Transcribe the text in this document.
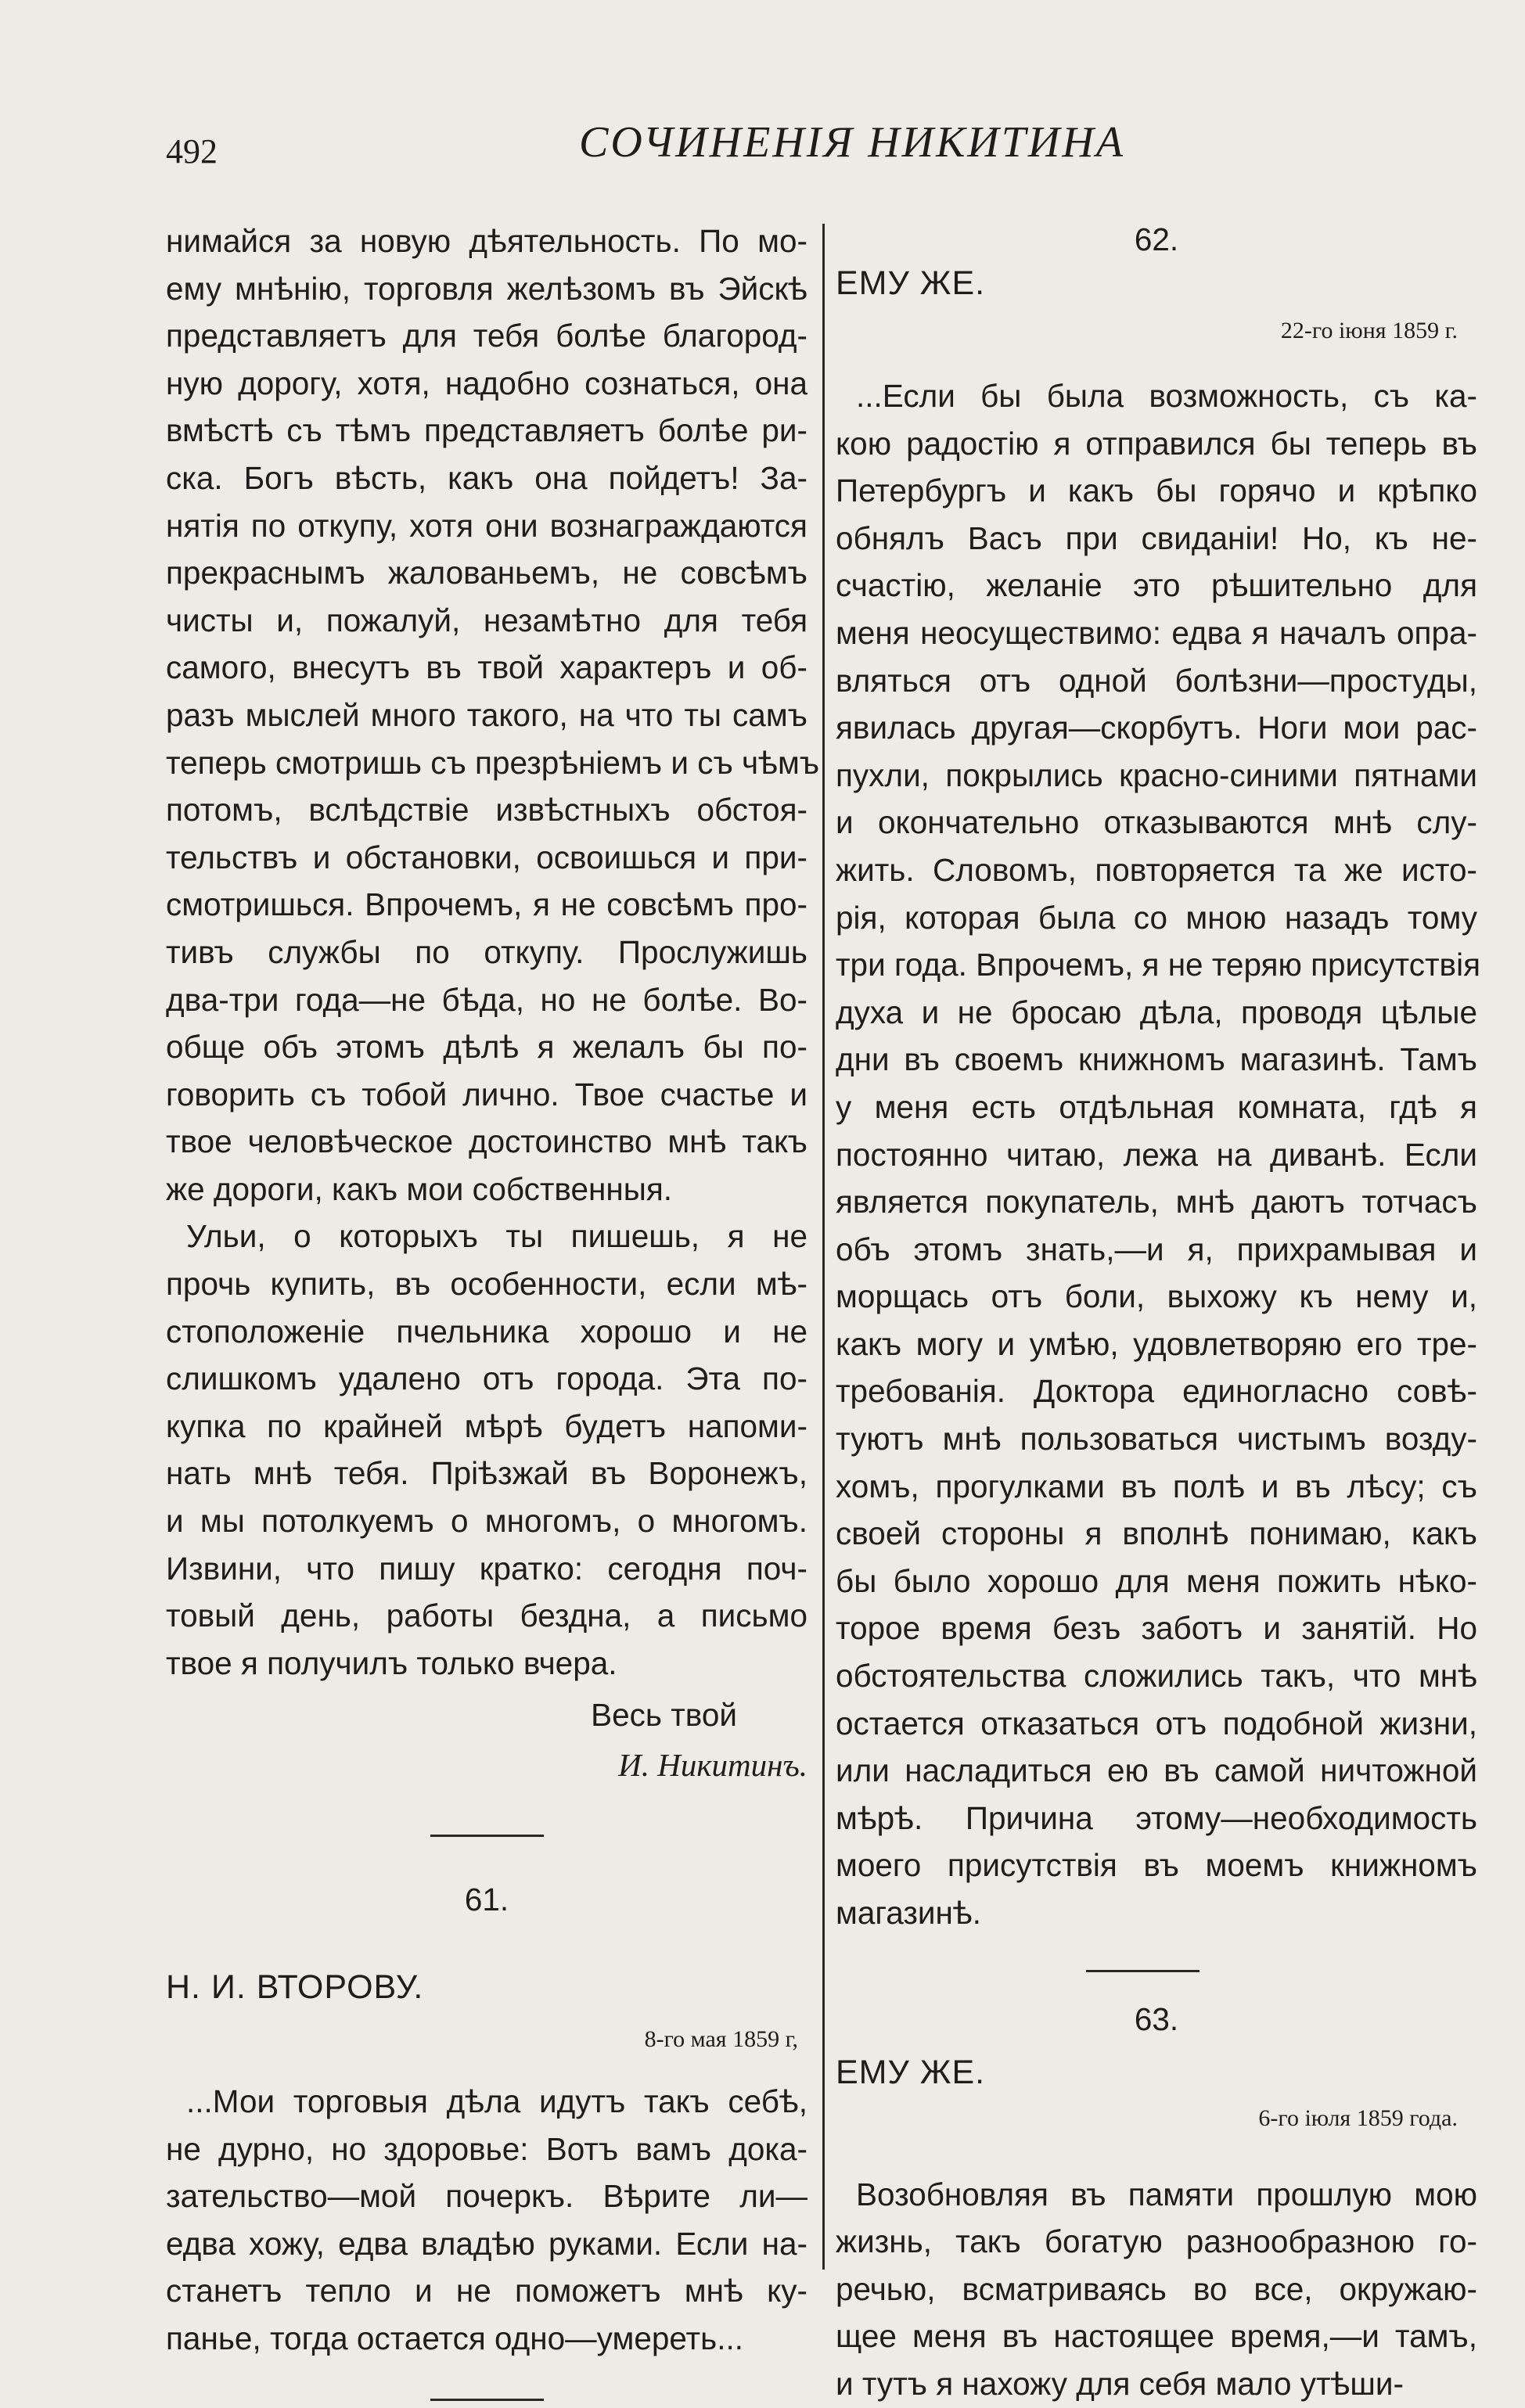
492	СОЧИНЕНІЯ НИКИТИНА
нимайся за новую дѣятельность. По мо-
ему мнѣнію, торговля желѣзомъ въ Эйскѣ
представляетъ для тебя болѣе благород-
ную дорогу, хотя, надобно сознаться, она
вмѣстѣ съ тѣмъ представляетъ болѣе ри-
ска. Богъ вѣсть, какъ она пойдетъ! За-
нятія по откупу, хотя они вознаграждаются
прекраснымъ жалованьемъ, не совсѣмъ
чисты и, пожалуй, незамѣтно для тебя
самого, внесутъ въ твой характеръ и об-
разъ мыслей много такого, на что ты самъ
теперь смотришь съ презрѣніемъ и съ чѣмъ
потомъ, вслѣдствіе извѣстныхъ обстоя-
тельствъ и обстановки, освоишься и при-
смотришься. Впрочемъ, я не совсѣмъ про-
тивъ службы по откупу. Прослужишь
два-три года—не бѣда, но не болѣе. Во-
обще объ этомъ дѣлѣ я желалъ бы по-
говорить съ тобой лично. Твое счастье и
твое человѣческое достоинство мнѣ такъ
же дороги, какъ мои собственныя.
Ульи, о которыхъ ты пишешь, я не
прочь купить, въ особенности, если мѣ-
стоположеніе пчельника хорошо и не
слишкомъ удалено отъ города. Эта по-
купка по крайней мѣрѣ будетъ напоми-
нать мнѣ тебя. Пріѣзжай въ Воронежъ,
и мы потолкуемъ о многомъ, о многомъ.
Извини, что пишу кратко: сегодня поч-
товый день, работы бездна, а письмо
твое я получилъ только вчера.
Весь твой
И. Никитинъ.
61.
Н. И. ВТОРОВУ.
8-го мая 1859 г,
...Мои торговыя дѣла идутъ такъ себѣ,
не дурно, но здоровье: Вотъ вамъ дока-
зательство—мой почеркъ. Вѣрите ли—
едва хожу, едва владѣю руками. Если на-
станетъ тепло и не поможетъ мнѣ ку-
панье, тогда остается одно—умереть...
62.
ЕМУ ЖЕ.
22-го іюня 1859 г.
...Если бы была возможность, съ ка-
кою радостію я отправился бы теперь въ
Петербургъ и какъ бы горячо и крѣпко
обнялъ Васъ при свиданіи! Но, къ не-
счастію, желаніе это рѣшительно для
меня неосуществимо: едва я началъ опра-
вляться отъ одной болѣзни—простуды,
явилась другая—скорбутъ. Ноги мои рас-
пухли, покрылись красно-синими пятнами
и окончательно отказываются мнѣ слу-
жить. Словомъ, повторяется та же исто-
рія, которая была со мною назадъ тому
три года. Впрочемъ, я не теряю присутствія
духа и не бросаю дѣла, проводя цѣлые
дни въ своемъ книжномъ магазинѣ. Тамъ
у меня есть отдѣльная комната, гдѣ я
постоянно читаю, лежа на диванѣ. Если
является покупатель, мнѣ даютъ тотчасъ
объ этомъ знать,—и я, прихрамывая и
морщась отъ боли, выхожу къ нему и,
какъ могу и умѣю, удовлетворяю его тре-
требованія. Доктора единогласно совѣ-
туютъ мнѣ пользоваться чистымъ возду-
хомъ, прогулками въ полѣ и въ лѣсу; съ
своей стороны я вполнѣ понимаю, какъ
бы было хорошо для меня пожить нѣко-
торое время безъ заботъ и занятій. Но
обстоятельства сложились такъ, что мнѣ
остается отказаться отъ подобной жизни,
или насладиться ею въ самой ничтожной
мѣрѣ. Причина этому—необходимость
моего присутствія въ моемъ книжномъ
магазинѣ.
63.
ЕМУ ЖЕ.
6-го іюля 1859 года.
Возобновляя въ памяти прошлую мою
жизнь, такъ богатую разнообразною го-
речью, всматриваясь во все, окружаю-
щее меня въ настоящее время,—и тамъ,
и тутъ я нахожу для себя мало утѣши-
